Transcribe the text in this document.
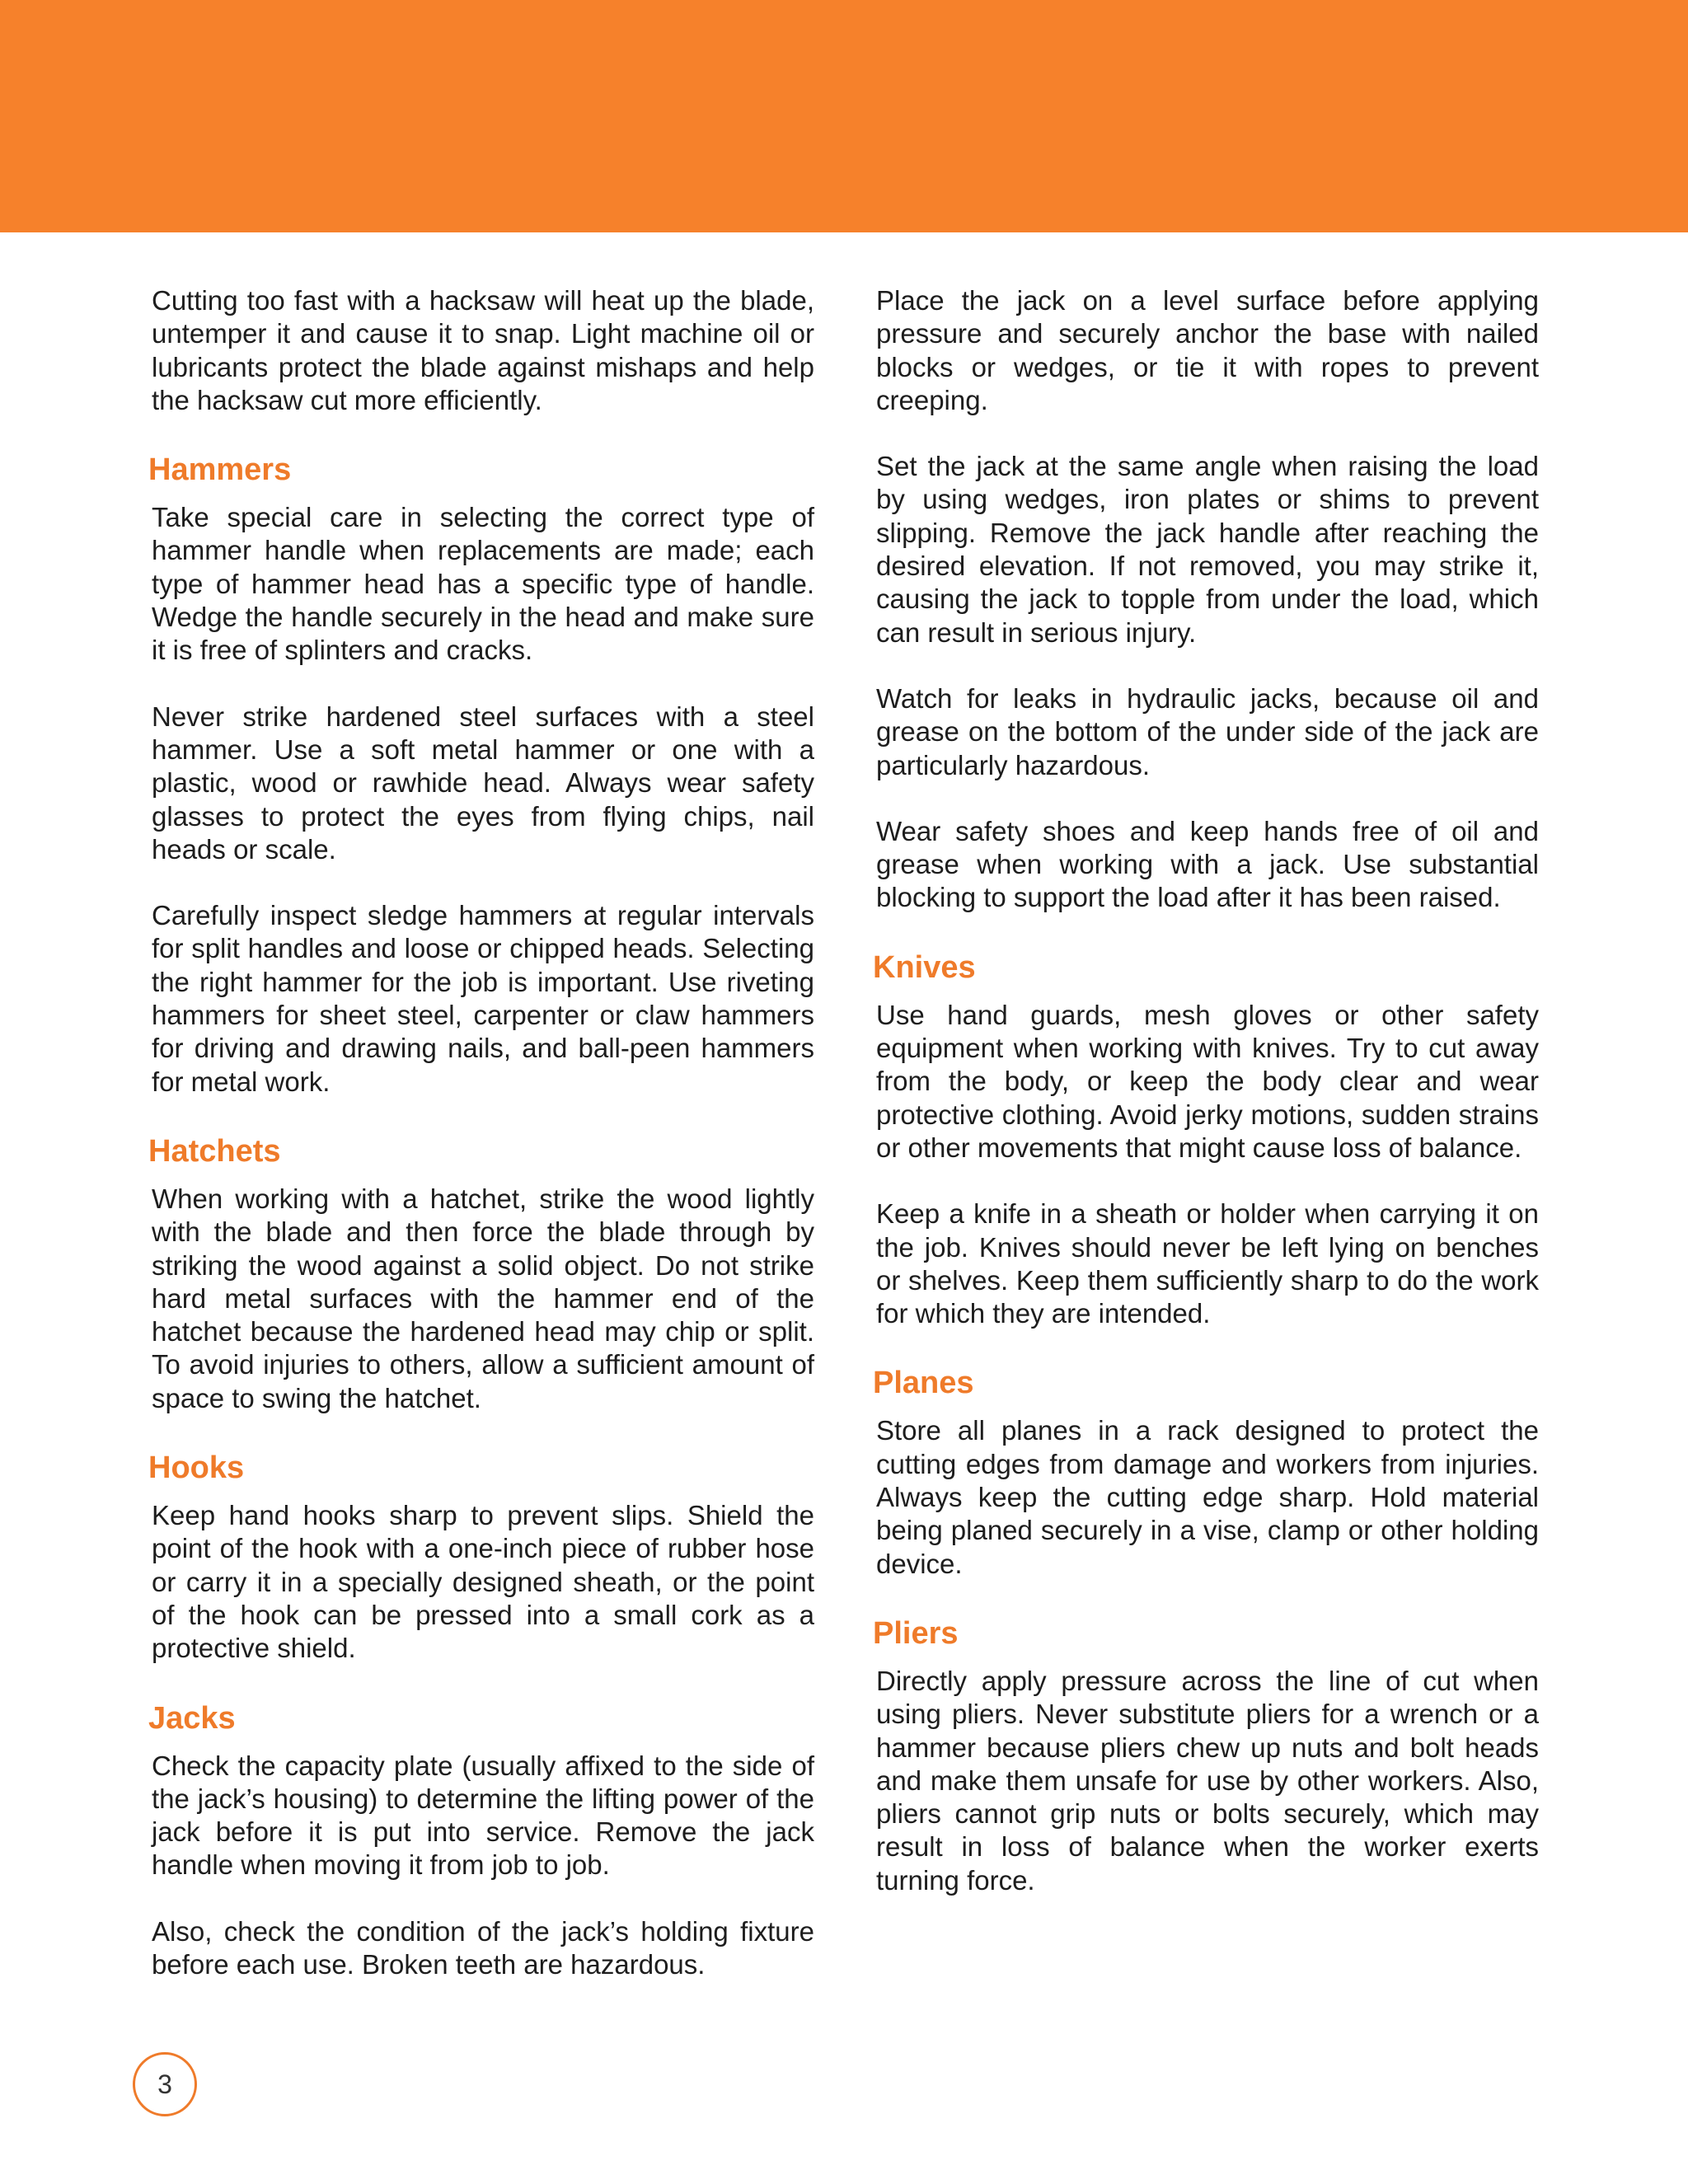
Cutting too fast with a hacksaw will heat up the blade, untemper it and cause it to snap. Light machine oil or lubricants protect the blade against mishaps and help the hacksaw cut more efficiently.

Hammers

Take special care in selecting the correct type of hammer handle when replacements are made; each type of hammer head has a specific type of handle. Wedge the handle securely in the head and make sure it is free of splinters and cracks.

Never strike hardened steel surfaces with a steel hammer. Use a soft metal hammer or one with a plastic, wood or rawhide head. Always wear safety glasses to protect the eyes from flying chips, nail heads or scale.

Carefully inspect sledge hammers at regular intervals for split handles and loose or chipped heads. Selecting the right hammer for the job is important. Use riveting hammers for sheet steel, carpenter or claw hammers for driving and drawing nails, and ball-peen hammers for metal work.

Hatchets

When working with a hatchet, strike the wood lightly with the blade and then force the blade through by striking the wood against a solid object. Do not strike hard metal surfaces with the hammer end of the hatchet because the hardened head may chip or split. To avoid injuries to others, allow a sufficient amount of space to swing the hatchet.

Hooks

Keep hand hooks sharp to prevent slips. Shield the point of the hook with a one-inch piece of rubber hose or carry it in a specially designed sheath, or the point of the hook can be pressed into a small cork as a protective shield.

Jacks

Check the capacity plate (usually affixed to the side of the jack’s housing) to determine the lifting power of the jack before it is put into service. Remove the jack handle when moving it from job to job.

Also, check the condition of the jack’s holding fixture before each use. Broken teeth are hazardous.

Place the jack on a level surface before applying pressure and securely anchor the base with nailed blocks or wedges, or tie it with ropes to prevent creeping.

Set the jack at the same angle when raising the load by using wedges, iron plates or shims to prevent slipping. Remove the jack handle after reaching the desired elevation. If not removed, you may strike it, causing the jack to topple from under the load, which can result in serious injury.

Watch for leaks in hydraulic jacks, because oil and grease on the bottom of the under side of the jack are particularly hazardous.

Wear safety shoes and keep hands free of oil and grease when working with a jack. Use substantial blocking to support the load after it has been raised.

Knives

Use hand guards, mesh gloves or other safety equipment when working with knives. Try to cut away from the body, or keep the body clear and wear protective clothing. Avoid jerky motions, sudden strains or other movements that might cause loss of balance.

Keep a knife in a sheath or holder when carrying it on the job. Knives should never be left lying on benches or shelves. Keep them sufficiently sharp to do the work for which they are intended.

Planes

Store all planes in a rack designed to protect the cutting edges from damage and workers from injuries. Always keep the cutting edge sharp. Hold material being planed securely in a vise, clamp or other holding device.

Pliers

Directly apply pressure across the line of cut when using pliers. Never substitute pliers for a wrench or a hammer because pliers chew up nuts and bolt heads and make them unsafe for use by other workers. Also, pliers cannot grip nuts or bolts securely, which may result in loss of balance when the worker exerts turning force.

3
